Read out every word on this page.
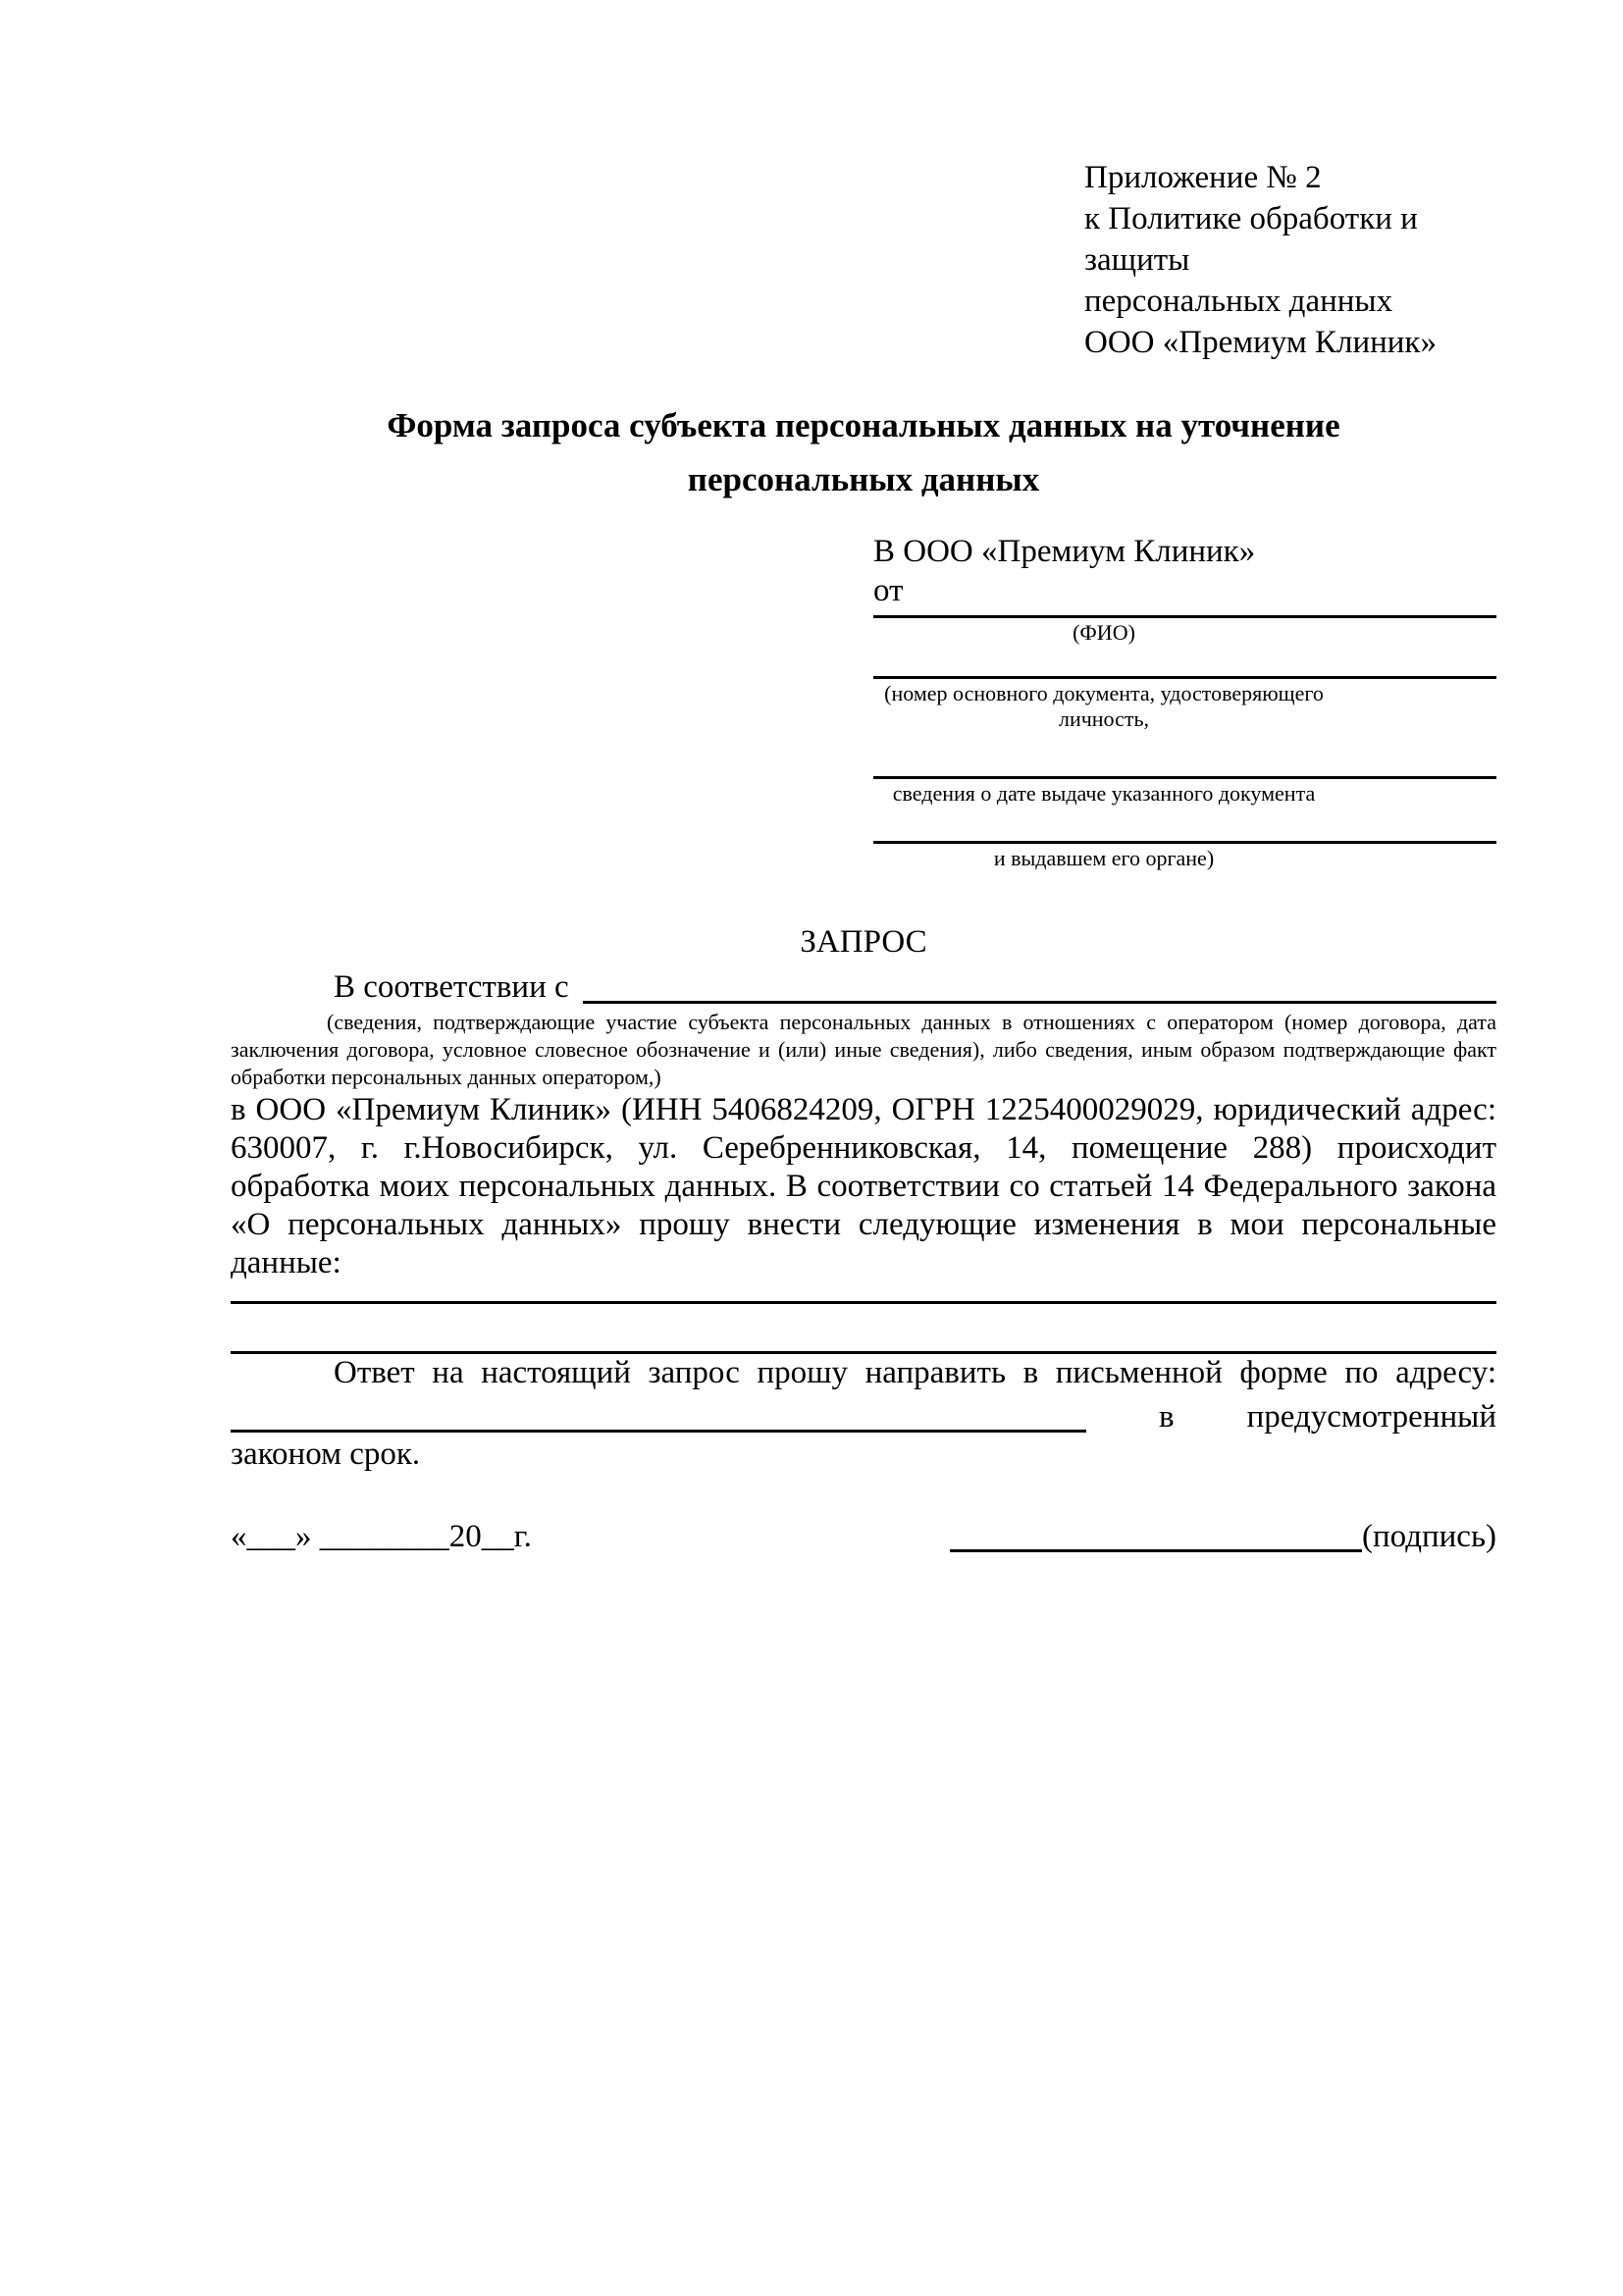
Приложение № 2
к Политике обработки и защиты
персональных данных
ООО «Премиум Клиник»
Форма запроса субъекта персональных данных на уточнение
персональных данных
В ООО «Премиум Клиник»
от
(ФИО)
(номер основного документа, удостоверяющего личность,
сведения о дате выдаче указанного документа
и выдавшем его органе)
ЗАПРОС
В соответствии с
(сведения, подтверждающие участие субъекта персональных данных в отношениях с оператором (номер договора, дата заключения договора, условное словесное обозначение и (или) иные сведения), либо сведения, иным образом подтверждающие факт обработки персональных данных оператором,)
в ООО «Премиум Клиник» (ИНН 5406824209, ОГРН 1225400029029, юридический адрес: 630007, г. г.Новосибирск, ул. Серебренниковская, 14, помещение 288) происходит обработка моих персональных данных. В соответствии со статьей 14 Федерального закона «О персональных данных» прошу внести следующие изменения в мои персональные данные:
Ответ на настоящий запрос прошу направить в письменной форме по адресу:
в предусмотренный
законом срок.
«___» ________20__г.	(подпись)
